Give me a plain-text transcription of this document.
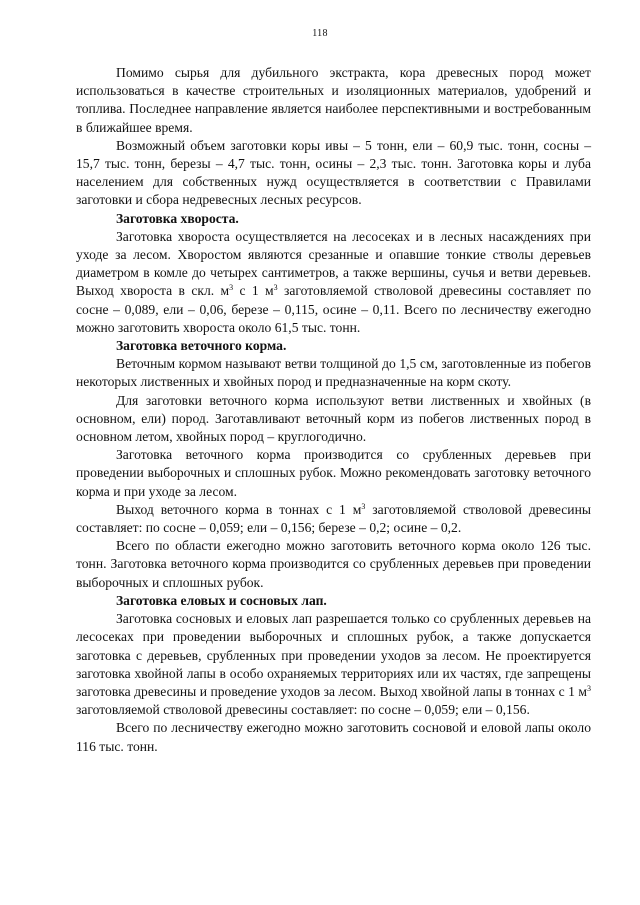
118

Помимо сырья для дубильного экстракта, кора древесных пород может использоваться в качестве строительных и изоляционных материалов, удобрений и топлива. Последнее направление является наиболее перспективными и востребованным в ближайшее время.

Возможный объем заготовки коры ивы – 5 тонн, ели – 60,9 тыс. тонн, сосны – 15,7 тыс. тонн, березы – 4,7 тыс. тонн, осины – 2,3 тыс. тонн. Заготовка коры и луба населением для собственных нужд осуществляется в соответствии с Правилами заготовки и сбора недревесных лесных ресурсов.

Заготовка хвороста.

Заготовка хвороста осуществляется на лесосеках и в лесных насаждениях при уходе за лесом. Хворостом являются срезанные и опавшие тонкие стволы деревьев диаметром в комле до четырех сантиметров, а также вершины, сучья и ветви деревьев. Выход хвороста в скл. $м^3$ с 1 $м^3$ заготовляемой стволовой древесины составляет по сосне – 0,089, ели – 0,06, березе – 0,115, осине – 0,11. Всего по лесничеству ежегодно можно заготовить хвороста около 61,5 тыс. тонн.

Заготовка веточного корма.

Веточным кормом называют ветви толщиной до 1,5 см, заготовленные из побегов некоторых лиственных и хвойных пород и предназначенные на корм скоту.

Для заготовки веточного корма используют ветви лиственных и хвойных (в основном, ели) пород. Заготавливают веточный корм из побегов лиственных пород в основном летом, хвойных пород – круглогодично.

Заготовка веточного корма производится со срубленных деревьев при проведении выборочных и сплошных рубок. Можно рекомендовать заготовку веточного корма и при уходе за лесом.

Выход веточного корма в тоннах с 1 $м^3$ заготовляемой стволовой древесины составляет: по сосне – 0,059; ели – 0,156; березе – 0,2; осине – 0,2.

Всего по области ежегодно можно заготовить веточного корма около 126 тыс. тонн. Заготовка веточного корма производится со срубленных деревьев при проведении выборочных и сплошных рубок.

Заготовка еловых и сосновых лап.

Заготовка сосновых и еловых лап разрешается только со срубленных деревьев на лесосеках при проведении выборочных и сплошных рубок, а также допускается заготовка с деревьев, срубленных при проведении уходов за лесом. Не проектируется заготовка хвойной лапы в особо охраняемых территориях или их частях, где запрещены заготовка древесины и проведение уходов за лесом. Выход хвойной лапы в тоннах с 1 $м^3$ заготовляемой стволовой древесины составляет: по сосне – 0,059; ели – 0,156.

Всего по лесничеству ежегодно можно заготовить сосновой и еловой лапы около 116 тыс. тонн.
